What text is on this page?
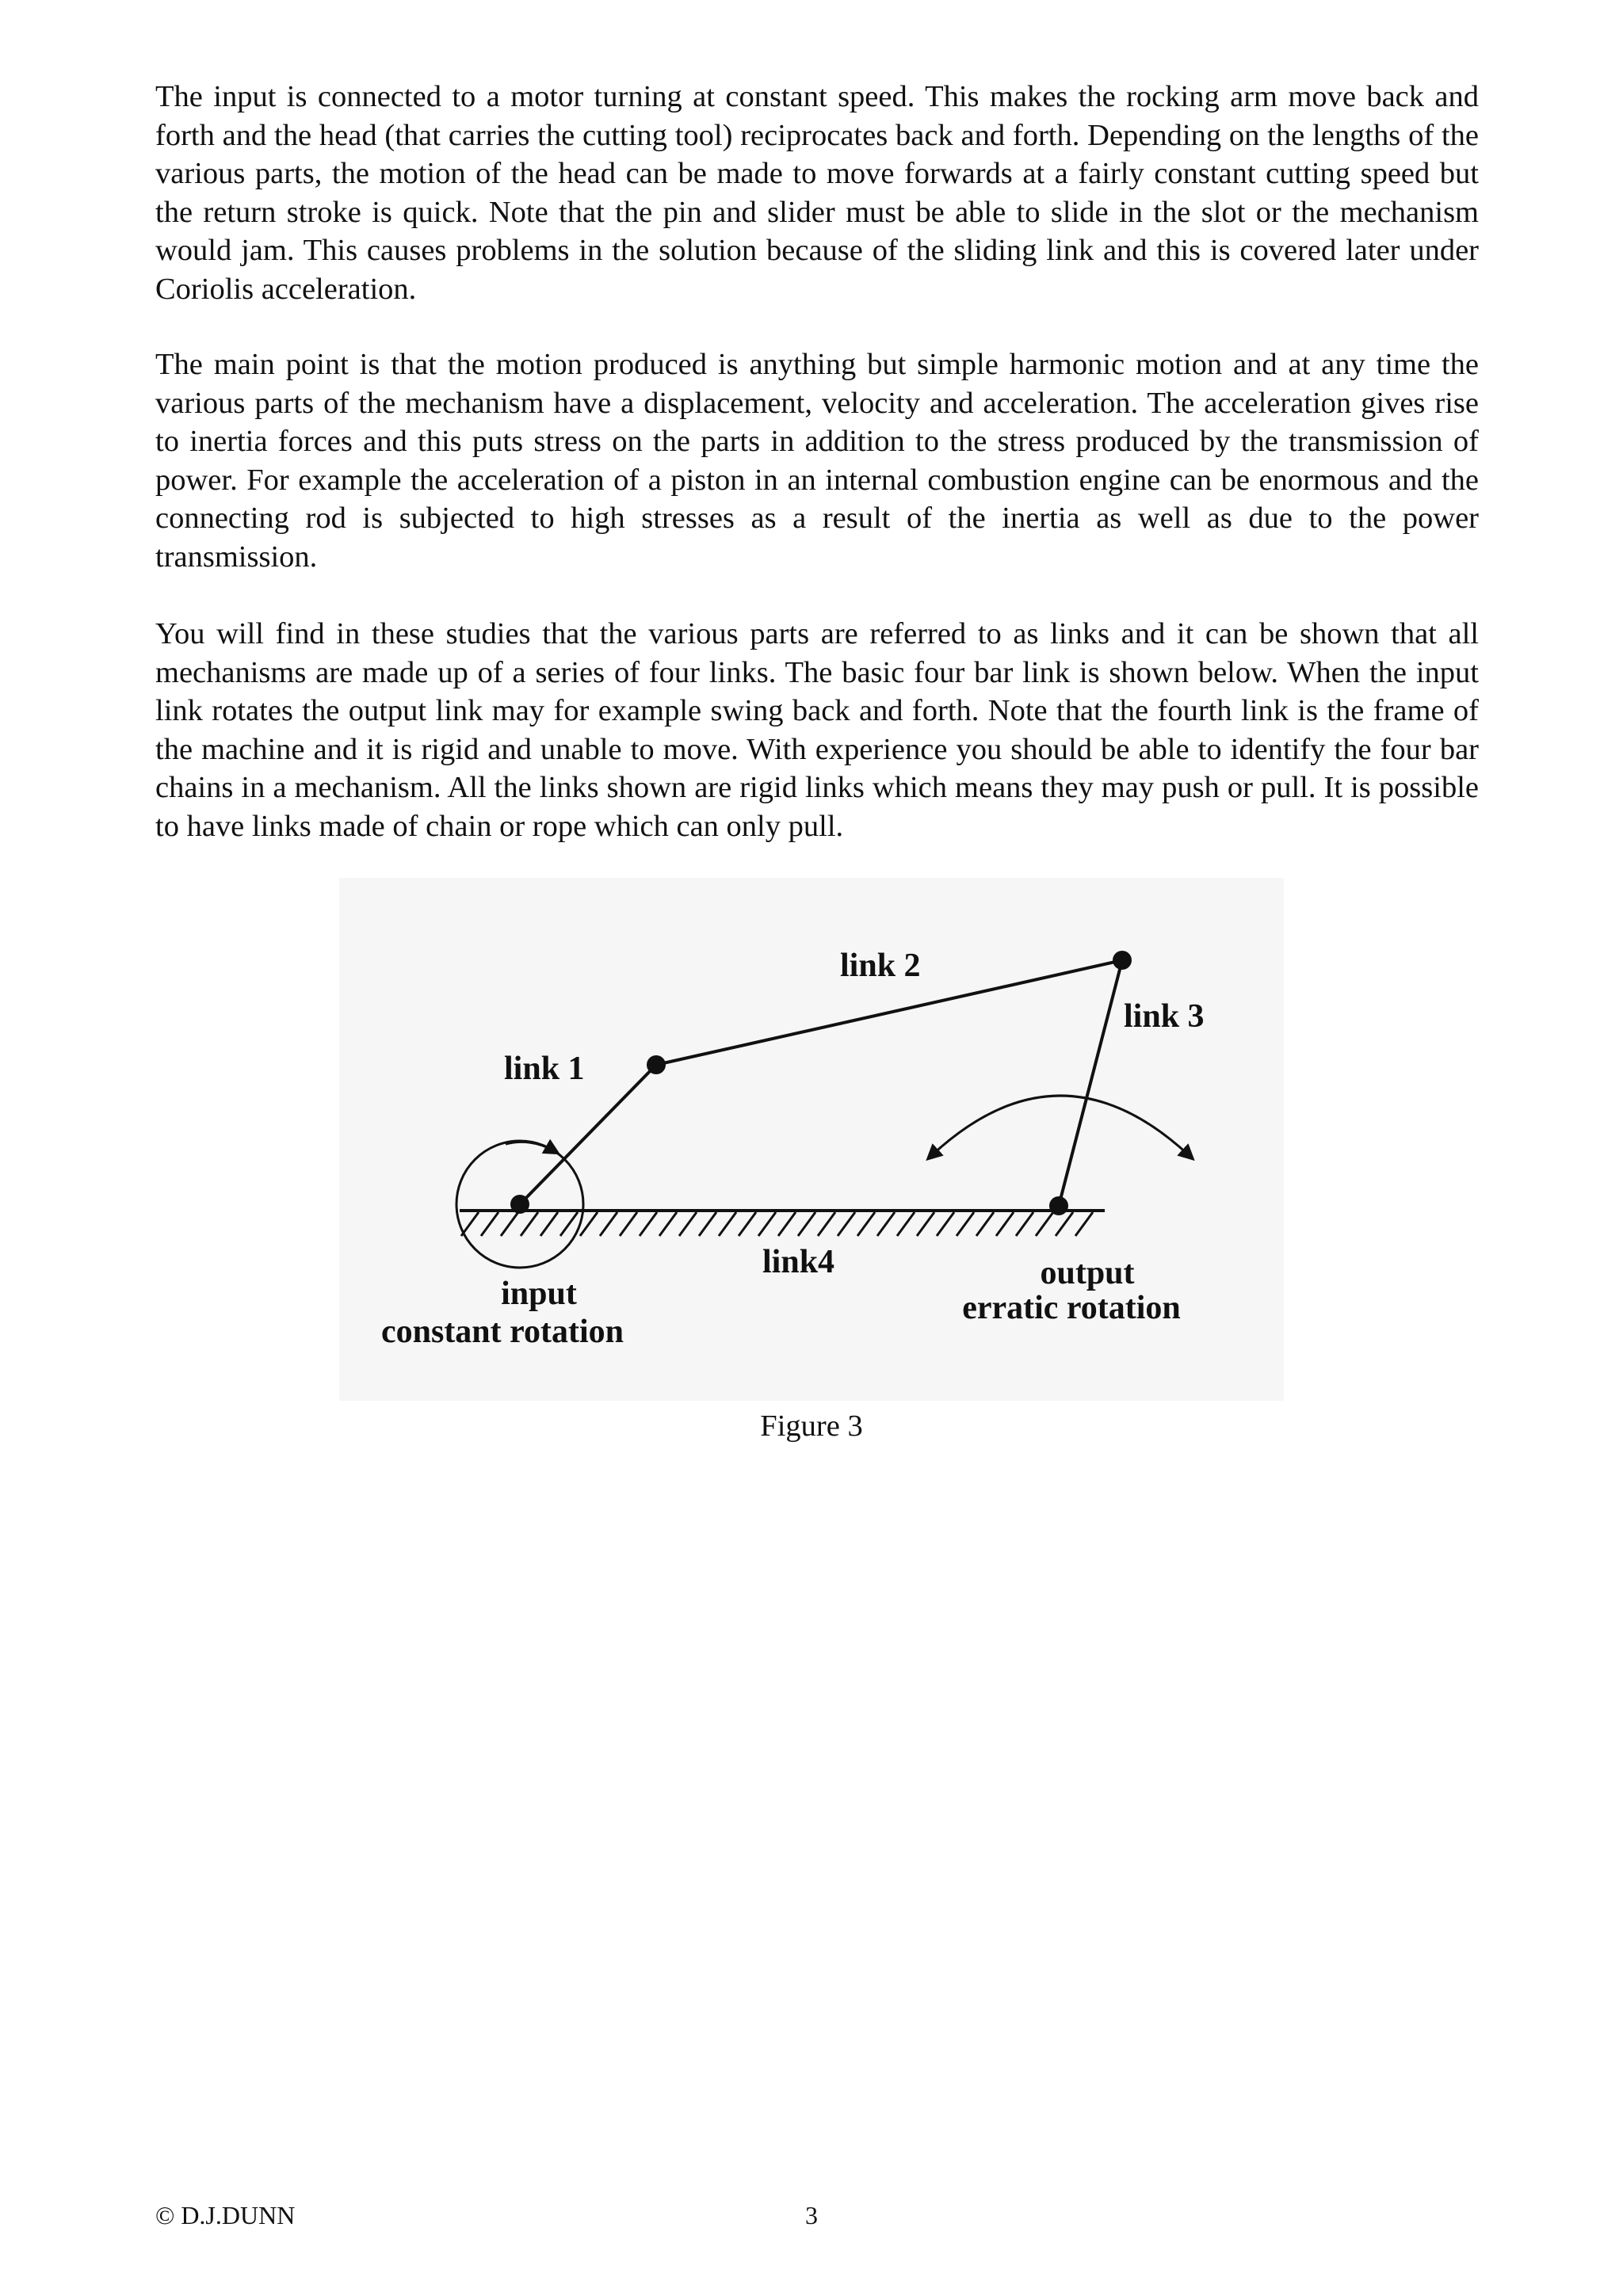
The input is connected to a motor turning at constant speed. This makes the rocking arm move back and forth and the head (that carries the cutting tool) reciprocates back and forth. Depending on the lengths of the various parts, the motion of the head can be made to move forwards at a fairly constant cutting speed but the return stroke is quick. Note that the pin and slider must be able to slide in the slot or the mechanism would jam. This causes problems in the solution because of the sliding link and this is covered later under Coriolis acceleration.

The main point is that the motion produced is anything but simple harmonic motion and at any time the various parts of the mechanism have a displacement, velocity and acceleration. The acceleration gives rise to inertia forces and this puts stress on the parts in addition to the stress produced by the transmission of power. For example the acceleration of a piston in an internal combustion engine can be enormous and the connecting rod is subjected to high stresses as a result of the inertia as well as due to the power transmission.

You will find in these studies that the various parts are referred to as links and it can be shown that all mechanisms are made up of a series of four links. The basic four bar link is shown below. When the input link rotates the output link may for example swing back and forth. Note that the fourth link is the frame of the machine and it is rigid and unable to move. With experience you should be able to identify the four bar chains in a mechanism. All the links shown are rigid links which means they may push or pull. It is possible to have links made of chain or rope which can only pull.

link 1
link 2
link 3
link4
input
constant rotation
output
erratic rotation

Figure 3

© D.J.DUNN	3
